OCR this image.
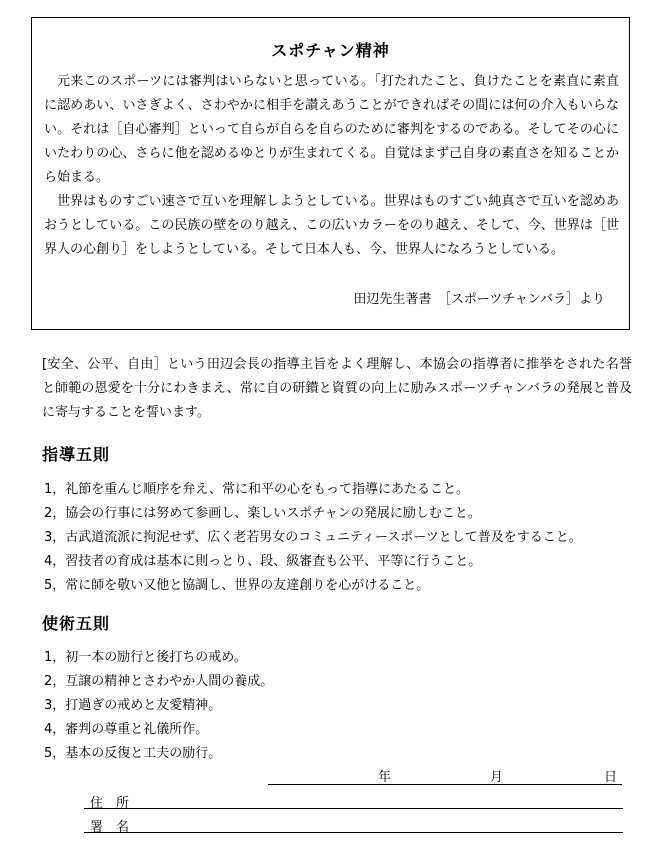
スポチャン精神

元来このスポーツには審判はいらないと思っている。「打たれたこと、負けたことを素直に素直に認めあい、いさぎよく、さわやかに相手を讃えあうことができればその間には何の介入もいらない。それは［自心審判］といって自らが自らを自らのために審判をするのである。そしてその心にいたわりの心、さらに他を認めるゆとりが生まれてくる。自覚はまず己自身の素直さを知ることから始まる。

世界はものすごい速さで互いを理解しようとしている。世界はものすごい純真さで互いを認めあおうとしている。この民族の壁をのり越え、この広いカラーをのり越え、そして、今、世界は［世界人の心創り］をしようとしている。そして日本人も、今、世界人になろうとしている。

田辺先生著書　［スポーツチャンバラ］より
[安全、公平、自由］という田辺会長の指導主旨をよく理解し、本協会の指導者に推挙をされた名誉と師範の恩愛を十分にわきまえ、常に自の研鑚と資質の向上に励みスポーツチャンバラの発展と普及に寄与することを誓います。
指導五則
1，礼節を重んじ順序を弁え、常に和平の心をもって指導にあたること。
2，協会の行事には努めて参画し、楽しいスポチャンの発展に励しむこと。
3，古武道流派に拘泥せず、広く老若男女のコミュニティースポーツとして普及をすること。
4，習技者の育成は基本に則っとり、段、級審査も公平、平等に行うこと。
5，常に師を敬い又他と協調し、世界の友達創りを心がけること。
使術五則
1，初一本の励行と後打ちの戒め。
2，互譲の精神とさわやか人間の養成。
3，打過ぎの戒めと友愛精神。
4，審判の尊重と礼儀所作。
5，基本の反復と工夫の励行。
年	月	日
住　所
署　名
